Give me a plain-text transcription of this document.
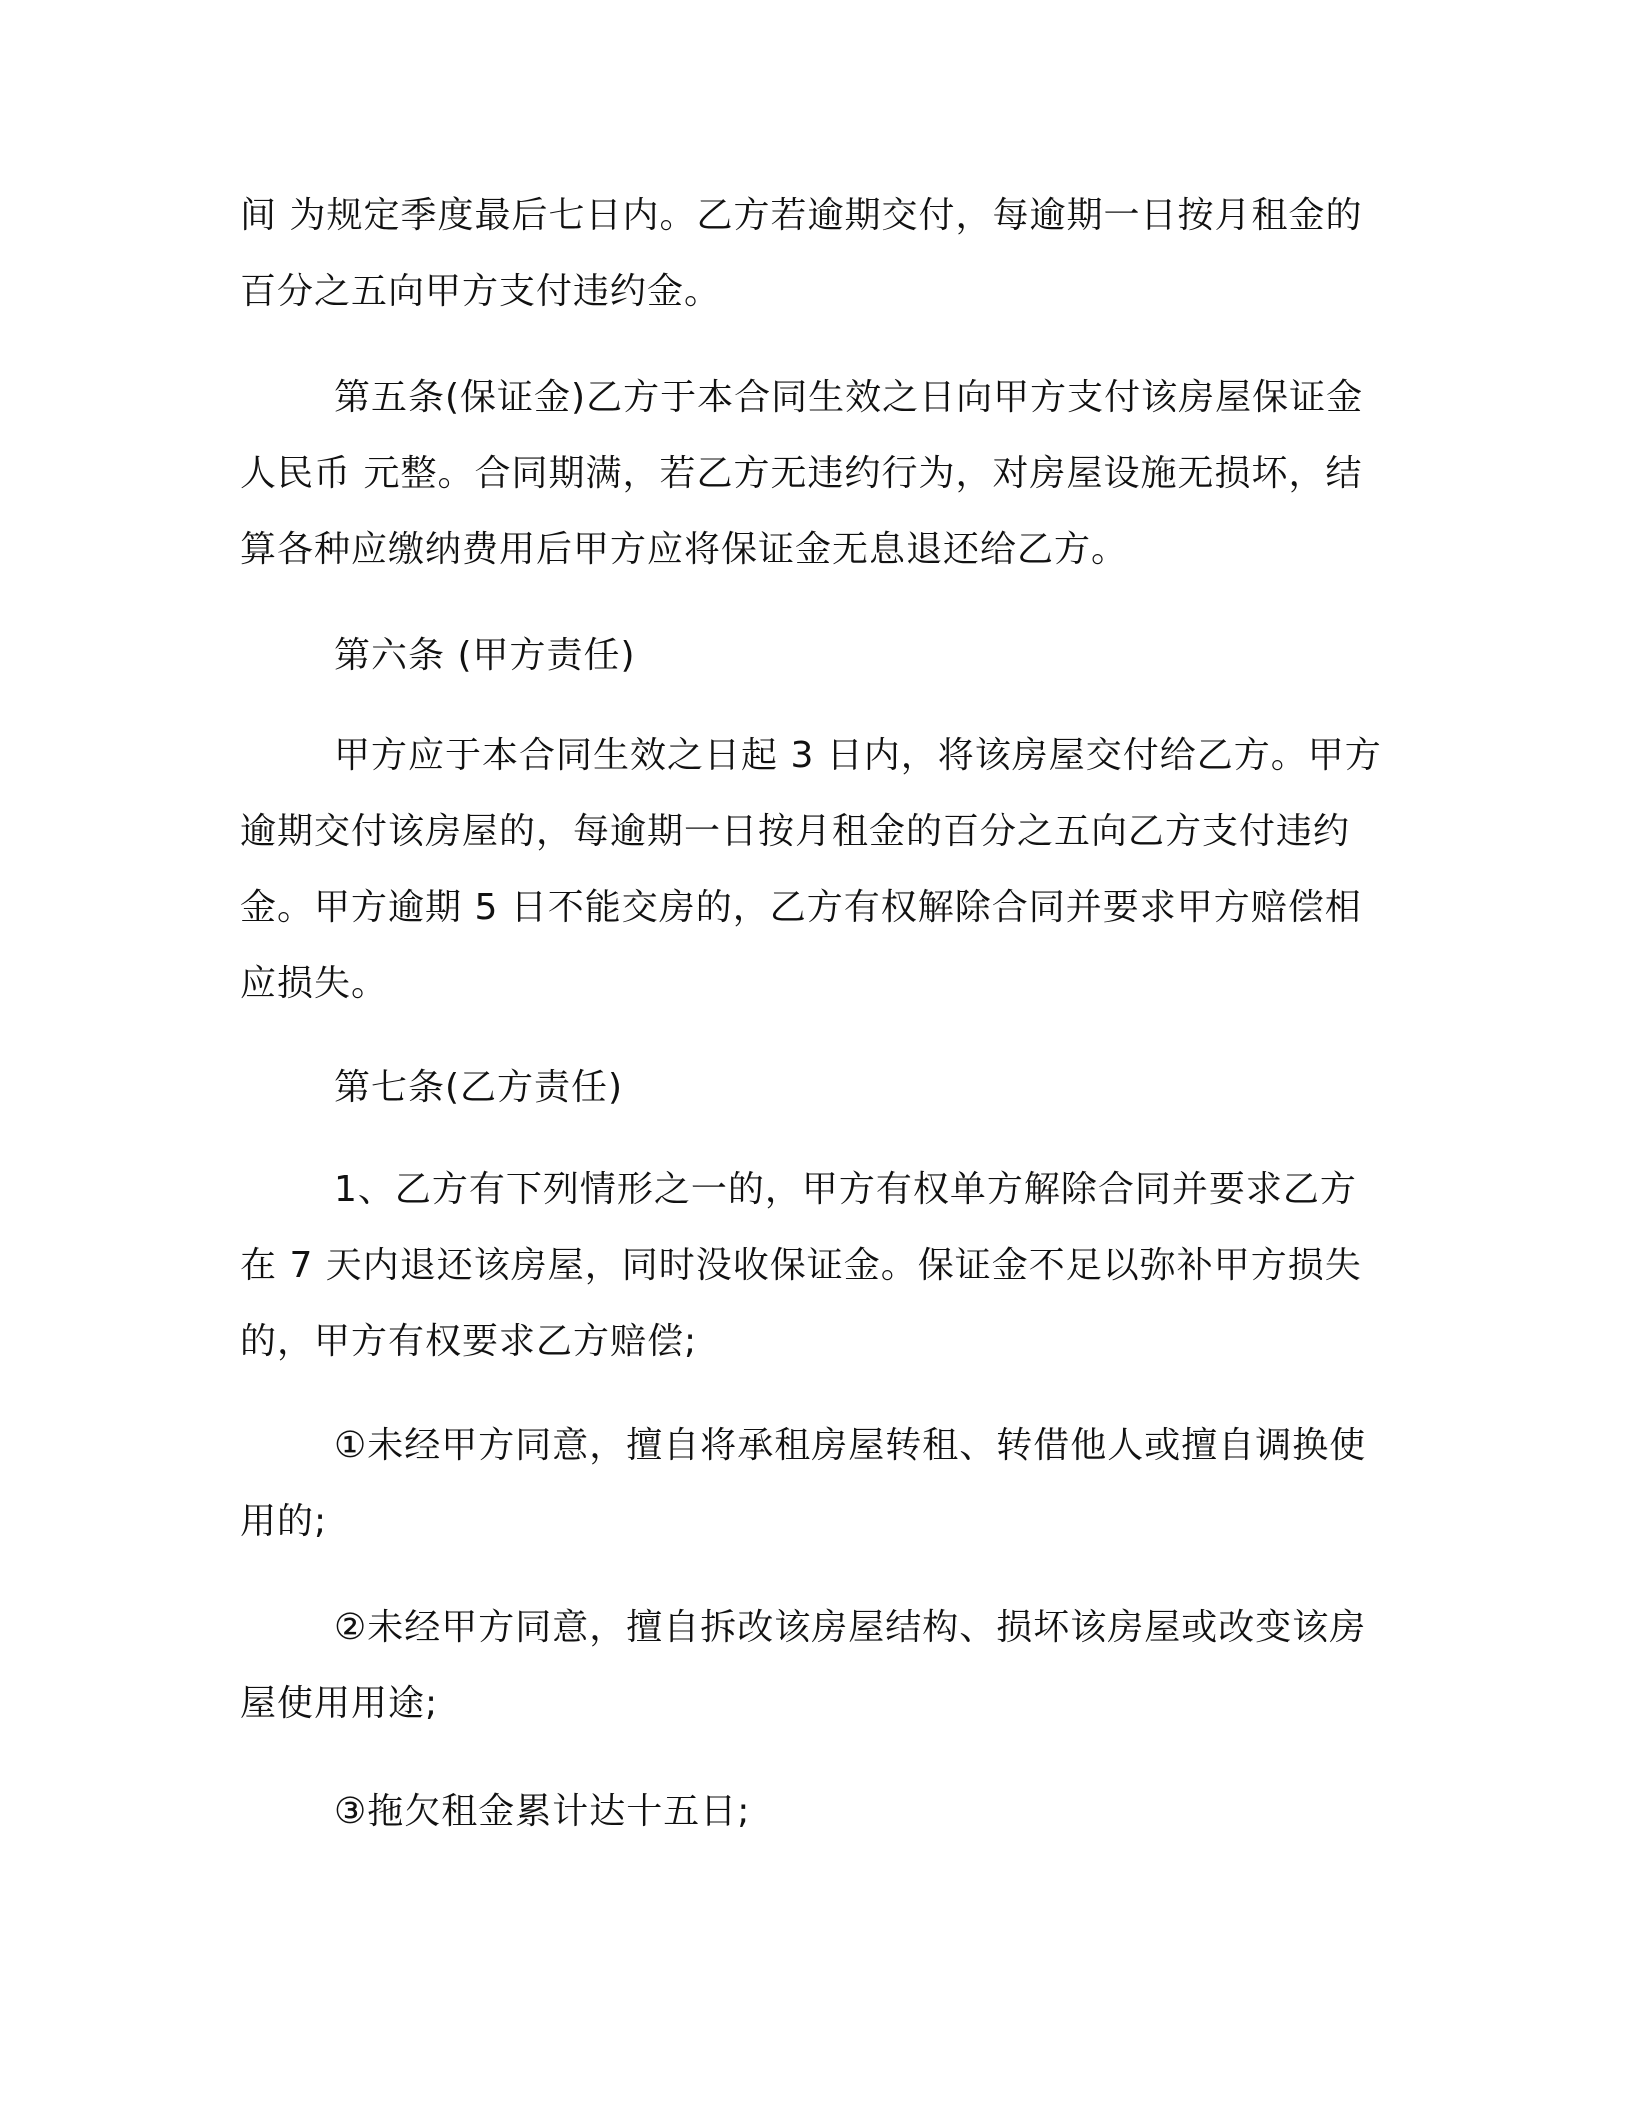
间 为规定季度最后七日内。乙方若逾期交付，每逾期一日按月租金的
百分之五向甲方支付违约金。
第五条(保证金)乙方于本合同生效之日向甲方支付该房屋保证金
人民币 元整。合同期满，若乙方无违约行为，对房屋设施无损坏，结
算各种应缴纳费用后甲方应将保证金无息退还给乙方。
第六条 (甲方责任)
甲方应于本合同生效之日起 3 日内，将该房屋交付给乙方。甲方
逾期交付该房屋的，每逾期一日按月租金的百分之五向乙方支付违约
金。甲方逾期 5 日不能交房的，乙方有权解除合同并要求甲方赔偿相
应损失。
第七条(乙方责任)
1、乙方有下列情形之一的，甲方有权单方解除合同并要求乙方
在 7 天内退还该房屋，同时没收保证金。保证金不足以弥补甲方损失
的，甲方有权要求乙方赔偿;
①未经甲方同意，擅自将承租房屋转租、转借他人或擅自调换使
用的;
②未经甲方同意，擅自拆改该房屋结构、损坏该房屋或改变该房
屋使用用途;
③拖欠租金累计达十五日;
